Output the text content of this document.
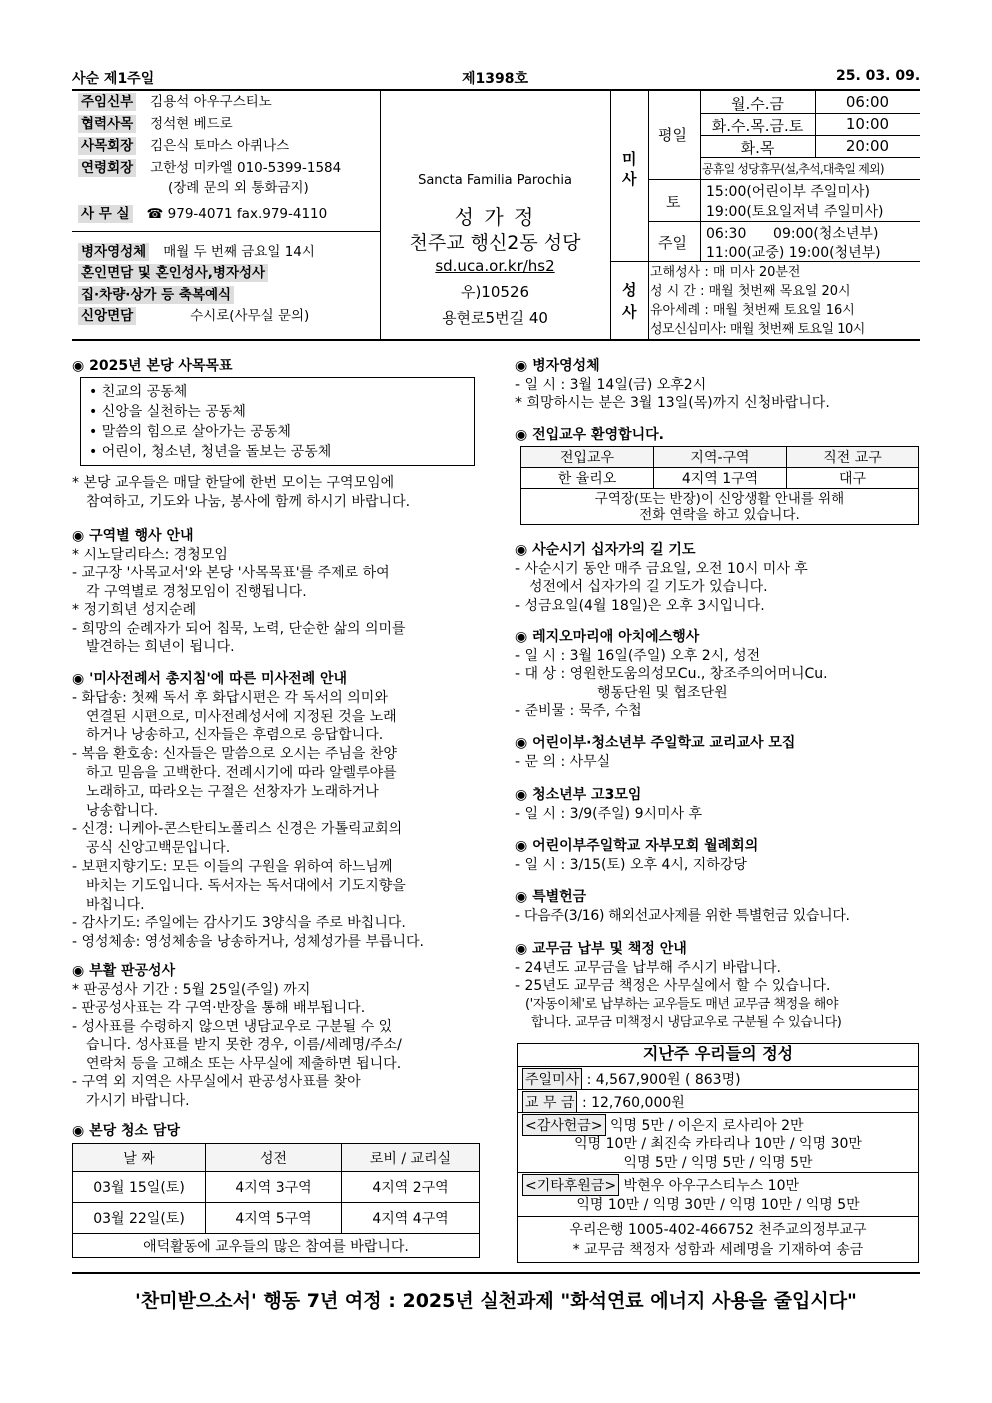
사순 제1주일	제1398호	25. 03. 09.
주임신부 김용석 아우구스티노
협력사목 정석현 베드로
사목회장 김은식 토마스 아퀴나스
연령회장 고한성 미카엘 010-5399-1584
(장례 문의 외 통화금지)
사 무 실 ☎ 979-4071 fax.979-4110
병자영성체 매월 두 번째 금요일 14시
혼인면담 및 혼인성사,병자성사
집·차량·상가 등 축복예식
신앙면담	수시로(사무실 문의)
Sancta Familia Parochia
성 가 정
천주교 행신2동 성당
sd.uca.or.kr/hs2
우)10526
용현로5번길 40
미사
평일
월.수.금	06:00
화.수.목.금.토	10:00
화.목	20:00
공휴일 성당휴무(설,추석,대축일 제외)
토
15:00(어린이부 주일미사)
19:00(토요일저녁 주일미사)
주일 06:30      09:00(청소년부)
11:00(교중) 19:00(청년부)
성사
고해성사 : 매 미사 20분전
성 시 간 : 매월 첫번째 목요일 20시
유아세례 : 매월 첫번째 토요일 16시
성모신심미사: 매월 첫번째 토요일 10시
◉ 2025년 본당 사목목표
• 친교의 공동체
• 신앙을 실천하는 공동체
• 말씀의 힘으로 살아가는 공동체
• 어린이, 청소년, 청년을 돌보는 공동체
* 본당 교우들은 매달 한달에 한번 모이는 구역모임에
참여하고, 기도와 나눔, 봉사에 함께 하시기 바랍니다.
◉ 구역별 행사 안내
* 시노달리타스: 경청모임
- 교구장 '사목교서'와 본당 '사목목표'를 주제로 하여
각 구역별로 경청모임이 진행됩니다.
* 정기희년 성지순례
- 희망의 순례자가 되어 침묵, 노력, 단순한 삶의 의미를
발견하는 희년이 됩니다.
◉ '미사전례서 총지침'에 따른 미사전례 안내
- 화답송: 첫째 독서 후 화답시편은 각 독서의 의미와
연결된 시편으로, 미사전례성서에 지정된 것을 노래
하거나 낭송하고, 신자들은 후렴으로 응답합니다.
- 복음 환호송: 신자들은 말씀으로 오시는 주님을 찬양
하고 믿음을 고백한다. 전례시기에 따라 알렐루야를
노래하고, 따라오는 구절은 선창자가 노래하거나
낭송합니다.
- 신경: 니케아-콘스탄티노폴리스 신경은 가톨릭교회의
공식 신앙고백문입니다.
- 보편지향기도: 모든 이들의 구원을 위하여 하느님께
바치는 기도입니다. 독서자는 독서대에서 기도지향을
바칩니다.
- 감사기도: 주일에는 감사기도 3양식을 주로 바칩니다.
- 영성체송: 영성체송을 낭송하거나, 성체성가를 부릅니다.
◉ 부활 판공성사
* 판공성사 기간 : 5월 25일(주일) 까지
- 판공성사표는 각 구역·반장을 통해 배부됩니다.
- 성사표를 수령하지 않으면 냉담교우로 구분될 수 있
습니다. 성사표를 받지 못한 경우, 이름/세례명/주소/
연락처 등을 고해소 또는 사무실에 제출하면 됩니다.
- 구역 외 지역은 사무실에서 판공성사표를 찾아
가시기 바랍니다.
◉ 본당 청소 담당
날 짜	성전	로비 / 교리실
03월 15일(토)	4지역 3구역	4지역 2구역
03월 22일(토)	4지역 5구역	4지역 4구역
애덕활동에 교우들의 많은 참여를 바랍니다.		
◉ 병자영성체
- 일 시 : 3월 14일(금) 오후2시
* 희망하시는 분은 3월 13일(목)까지 신청바랍니다.
◉ 전입교우 환영합니다.
전입교우	지역-구역	직전 교구
한 율리오	4지역 1구역	대구

구역장(또는 반장)이 신앙생활 안내를 위해
전화 연락을 하고 있습니다.		
◉ 사순시기 십자가의 길 기도
- 사순시기 동안 매주 금요일, 오전 10시 미사 후
성전에서 십자가의 길 기도가 있습니다.
- 성금요일(4월 18일)은 오후 3시입니다.
◉ 레지오마리애 아치에스행사
- 일 시 : 3월 16일(주일) 오후 2시, 성전
- 대 상 : 영원한도움의성모Cu., 창조주의어머니Cu.
행동단원 및 협조단원
- 준비물 : 묵주, 수첩
◉ 어린이부·청소년부 주일학교 교리교사 모집
- 문 의 : 사무실
◉ 청소년부 고3모임
- 일 시 : 3/9(주일) 9시미사 후
◉ 어린이부주일학교 자부모회 월례회의
- 일 시 : 3/15(토) 오후 4시, 지하강당
◉ 특별헌금
- 다음주(3/16) 해외선교사제를 위한 특별헌금 있습니다.
◉ 교무금 납부 및 책정 안내
- 24년도 교무금을 납부해 주시기 바랍니다.
- 25년도 교무금 책정은 사무실에서 할 수 있습니다.
('자동이체'로 납부하는 교우들도 매년 교무금 책정을 해야
합니다. 교무금 미책정시 냉담교우로 구분될 수 있습니다)
지난주 우리들의 정성
주일미사 : 4,567,900원 ( 863명)
교 무 금 : 12,760,000원
<감사헌금> 익명 5만 / 이은지 로사리아 2만
익명 10만 / 최진숙 카타리나 10만 / 익명 30만
익명 5만 / 익명 5만 / 익명 5만
<기타후원금> 박현우 아우구스티누스 10만
익명 10만 / 익명 30만 / 익명 10만 / 익명 5만
우리은행 1005-402-466752 천주교의정부교구
* 교무금 책정자 성함과 세례명을 기재하여 송금
'찬미받으소서' 행동 7년 여정 : 2025년 실천과제 "화석연료 에너지 사용을 줄입시다"
